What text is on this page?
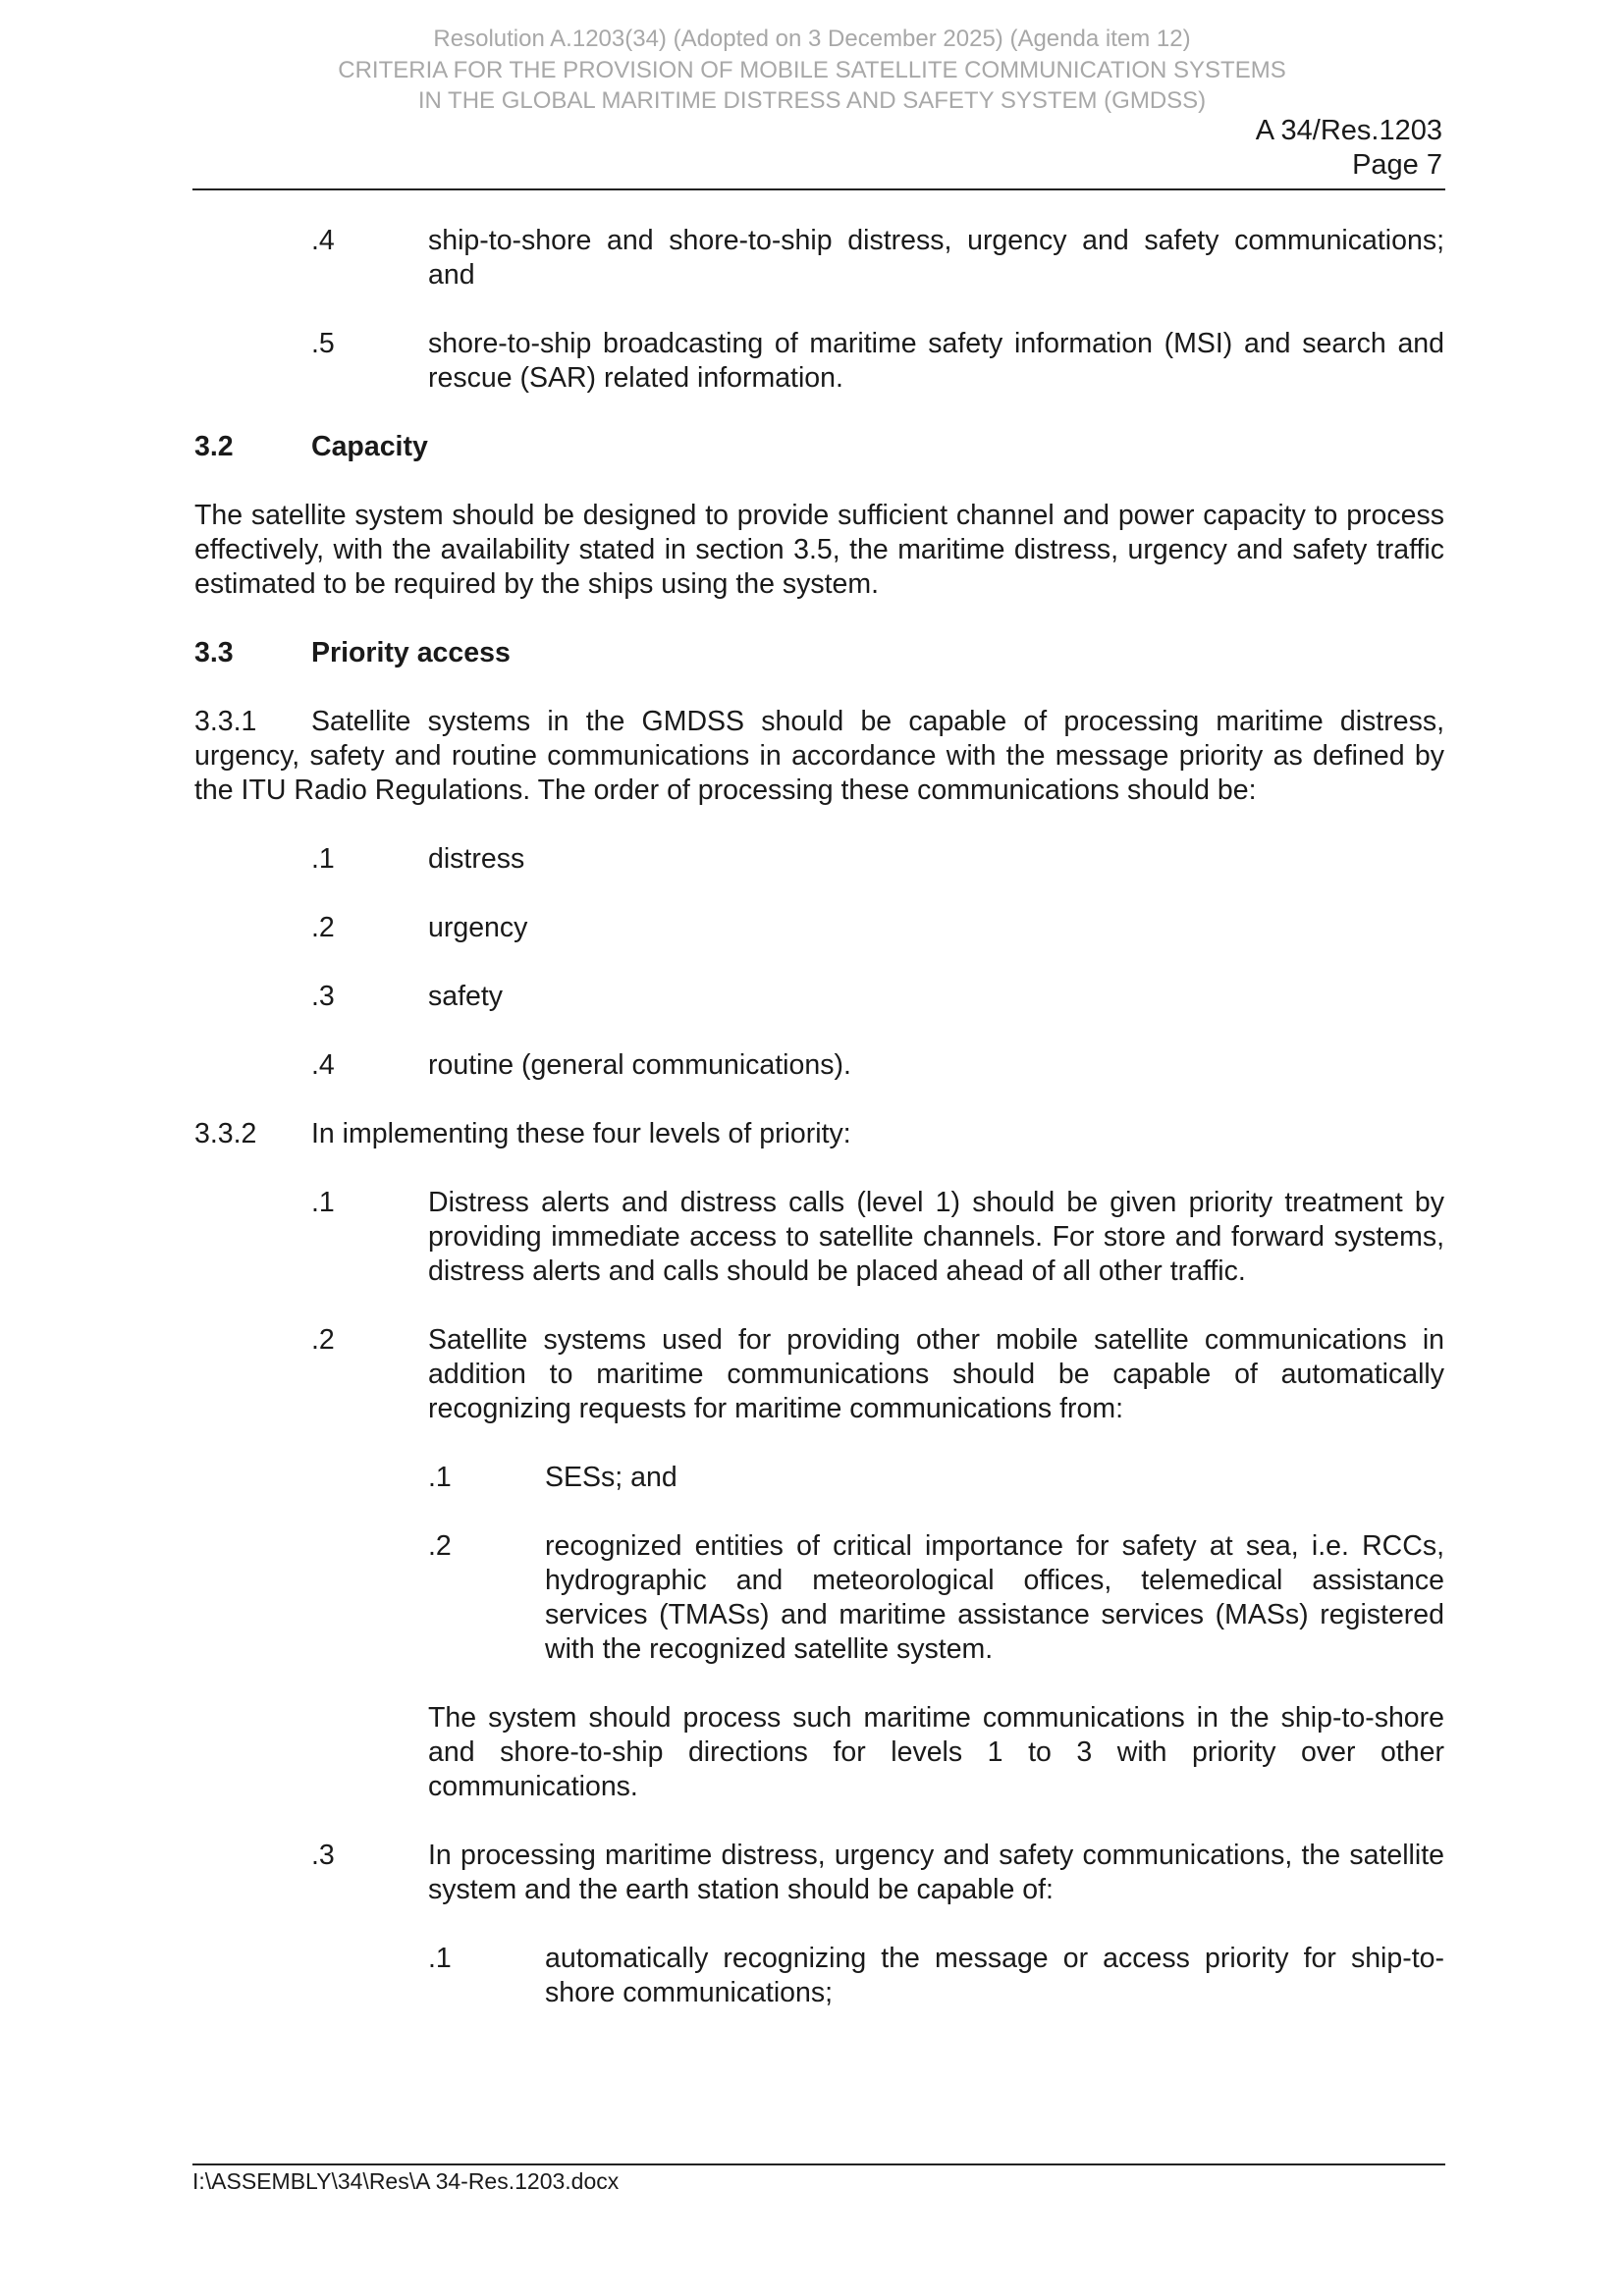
Resolution A.1203(34) (Adopted on 3 December 2025) (Agenda item 12)
CRITERIA FOR THE PROVISION OF MOBILE SATELLITE COMMUNICATION SYSTEMS
IN THE GLOBAL MARITIME DISTRESS AND SAFETY SYSTEM (GMDSS)
A 34/Res.1203
Page 7
.4	ship-to-shore and shore-to-ship distress, urgency and safety communications; and
.5	shore-to-ship broadcasting of maritime safety information (MSI) and search and rescue (SAR) related information.
3.2	Capacity

The satellite system should be designed to provide sufficient channel and power capacity to process effectively, with the availability stated in section 3.5, the maritime distress, urgency and safety traffic estimated to be required by the ships using the system.

3.3	Priority access
3.3.1	Satellite systems in the GMDSS should be capable of processing maritime distress, urgency, safety and routine communications in accordance with the message priority as defined by the ITU Radio Regulations. The order of processing these communications should be:
.1	distress
.2	urgency
.3	safety
.4	routine (general communications).
3.3.2	In implementing these four levels of priority:
.1	Distress alerts and distress calls (level 1) should be given priority treatment by providing immediate access to satellite channels. For store and forward systems, distress alerts and calls should be placed ahead of all other traffic.
.2	Satellite systems used for providing other mobile satellite communications in addition to maritime communications should be capable of automatically recognizing requests for maritime communications from:
.1	SESs; and
.2	recognized entities of critical importance for safety at sea, i.e. RCCs, hydrographic and meteorological offices, telemedical assistance services (TMASs) and maritime assistance services (MASs) registered with the recognized satellite system.
The system should process such maritime communications in the ship-to-shore and shore-to-ship directions for levels 1 to 3 with priority over other communications.
.3	In processing maritime distress, urgency and safety communications, the satellite system and the earth station should be capable of:
.1	automatically recognizing the message or access priority for ship-to-shore communications;
I:\ASSEMBLY\34\Res\A 34-Res.1203.docx
